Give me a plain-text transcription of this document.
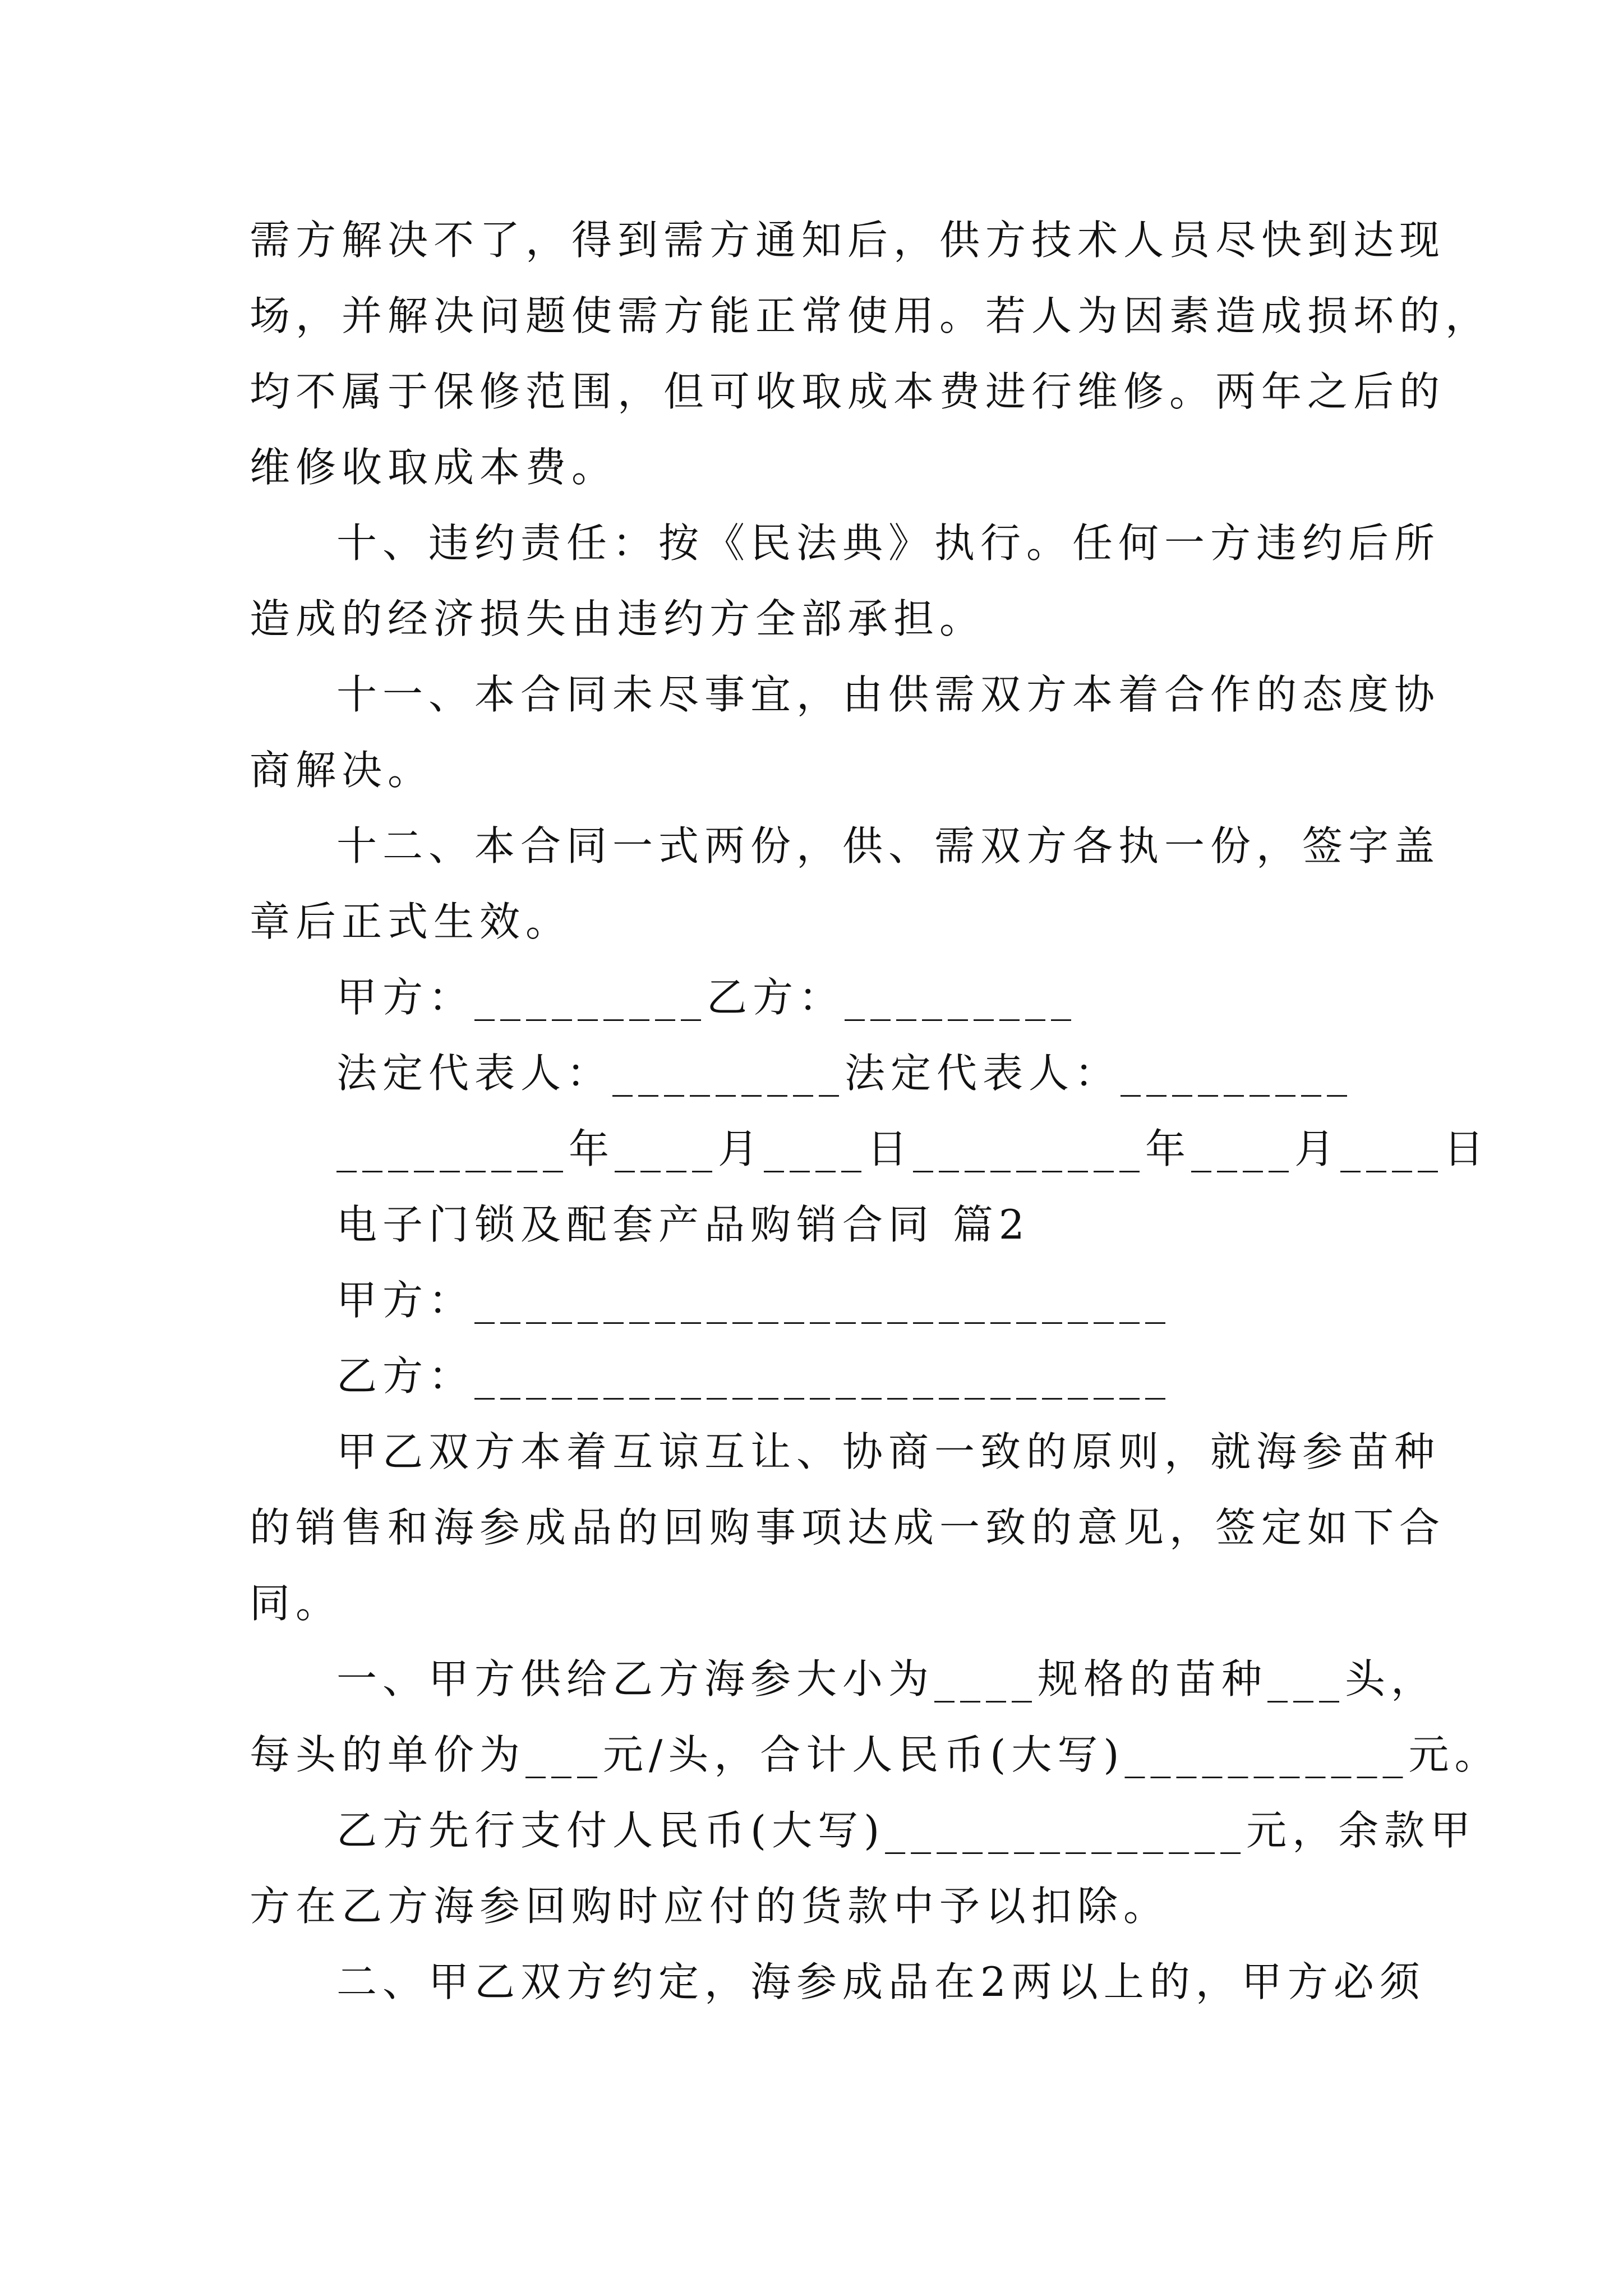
需方解决不了，得到需方通知后，供方技术人员尽快到达现
场，并解决问题使需方能正常使用。若人为因素造成损坏的，
均不属于保修范围，但可收取成本费进行维修。两年之后的
维修收取成本费。
十、违约责任：按《民法典》执行。任何一方违约后所
造成的经济损失由违约方全部承担。
十一、本合同未尽事宜，由供需双方本着合作的态度协
商解决。
十二、本合同一式两份，供、需双方各执一份，签字盖
章后正式生效。
甲方：_________乙方：_________
法定代表人：_________法定代表人：_________
_________年____月____日_________年____月____日
电子门锁及配套产品购销合同 篇2
甲方：___________________________
乙方：___________________________
甲乙双方本着互谅互让、协商一致的原则，就海参苗种
的销售和海参成品的回购事项达成一致的意见，签定如下合
同。
一、甲方供给乙方海参大小为____规格的苗种___头，
每头的单价为___元/头，合计人民币(大写)___________元。
乙方先行支付人民币(大写)______________元，余款甲
方在乙方海参回购时应付的货款中予以扣除。
二、甲乙双方约定，海参成品在2两以上的，甲方必须
